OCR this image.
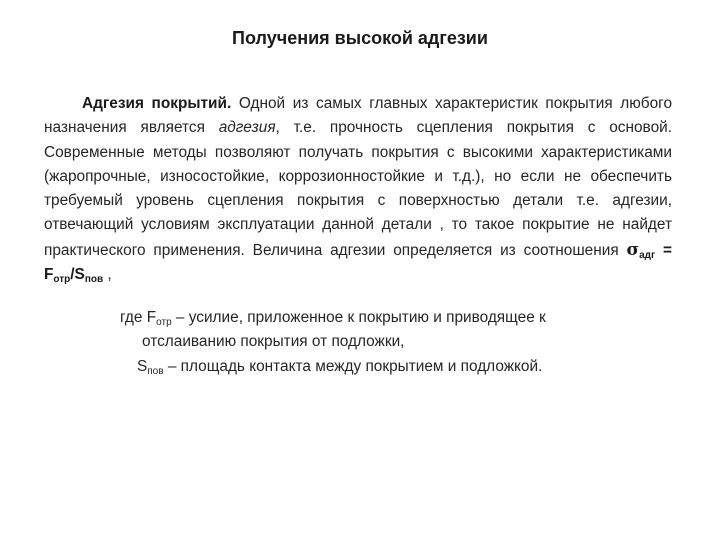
Получения высокой адгезии
Адгезия покрытий. Одной из самых главных характеристик покрытия любого назначения является адгезия, т.е. прочность сцепления покрытия с основой. Современные методы позволяют получать покрытия с высокими характеристиками (жаропрочные, износостойкие, коррозионностойкие и т.д.), но если не обеспечить требуемый уровень сцепления покрытия с поверхностью детали т.е. адгезии, отвечающий условиям эксплуатации данной детали , то такое покрытие не найдет практического применения. Величина адгезии определяется из соотношения $\sigma_{адг} = F_{отр}/S_{пов}$ ,
где $F_{отр}$ – усилие, приложенное к покрытию и приводящее к
отслаиванию покрытия от подложки,
$S_{пов}$ – площадь контакта между покрытием и подложкой.
